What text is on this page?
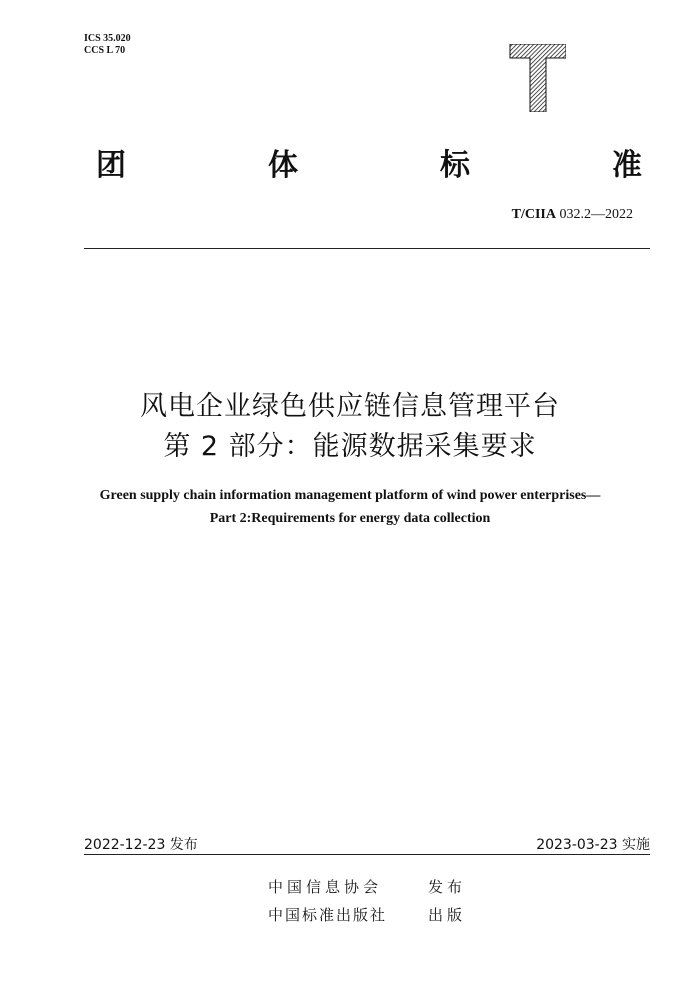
ICS 35.020
CCS L 70
T
团	体	标	准
T/CIIA 032.2—2022
风电企业绿色供应链信息管理平台
第 2 部分：能源数据采集要求
Green supply chain information management platform of wind power enterprises—
Part 2:Requirements for energy data collection
2022-12-23 发布	2023-03-23 实施
中国信息协会	发布
中国标准出版社	出版
